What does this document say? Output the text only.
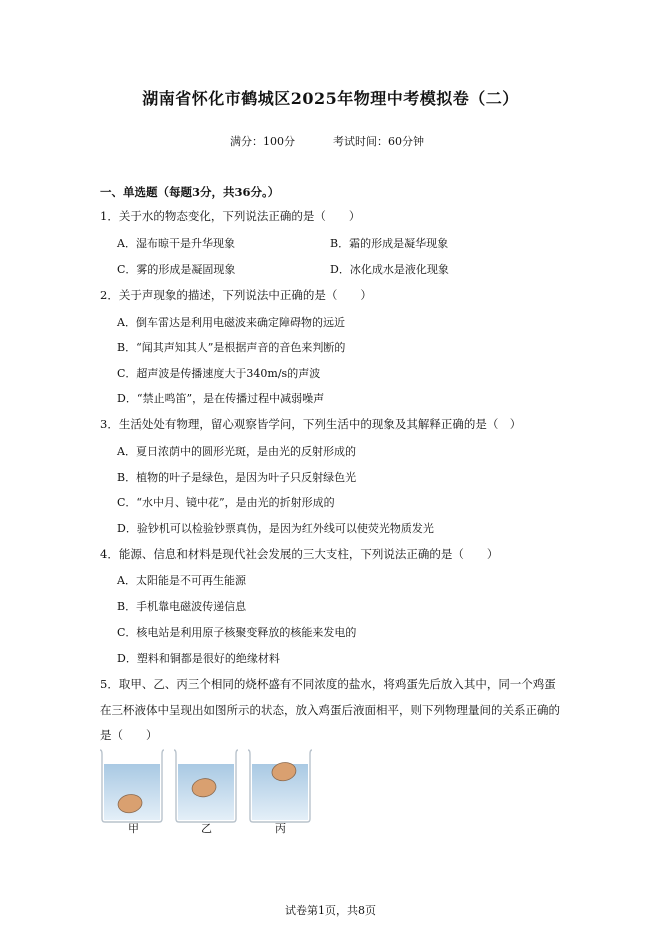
湖南省怀化市鹤城区2025年物理中考模拟卷（二）
满分：100分	考试时间：60分钟
一、单选题（每题3分，共36分。）
1．关于水的物态变化，下列说法正确的是（　　）
A．湿布晾干是升华现象	B．霜的形成是凝华现象
C．雾的形成是凝固现象	D．冰化成水是液化现象
2．关于声现象的描述，下列说法中正确的是（　　）
A．倒车雷达是利用电磁波来确定障碍物的远近
B．“闻其声知其人”是根据声音的音色来判断的
C．超声波是传播速度大于340m/s的声波
D．“禁止鸣笛”，是在传播过程中减弱噪声
3．生活处处有物理，留心观察皆学问，下列生活中的现象及其解释正确的是（　）
A．夏日浓荫中的圆形光斑，是由光的反射形成的
B．植物的叶子是绿色，是因为叶子只反射绿色光
C．“水中月、镜中花”，是由光的折射形成的
D．验钞机可以检验钞票真伪，是因为红外线可以使荧光物质发光
4．能源、信息和材料是现代社会发展的三大支柱，下列说法正确的是（　　）
A．太阳能是不可再生能源
B．手机靠电磁波传递信息
C．核电站是利用原子核聚变释放的核能来发电的
D．塑料和铜都是很好的绝缘材料
5．取甲、乙、丙三个相同的烧杯盛有不同浓度的盐水，将鸡蛋先后放入其中，同一个鸡蛋
在三杯液体中呈现出如图所示的状态，放入鸡蛋后液面相平，则下列物理量间的关系正确的
是（　　）
甲	乙	丙
试卷第1页，共8页
